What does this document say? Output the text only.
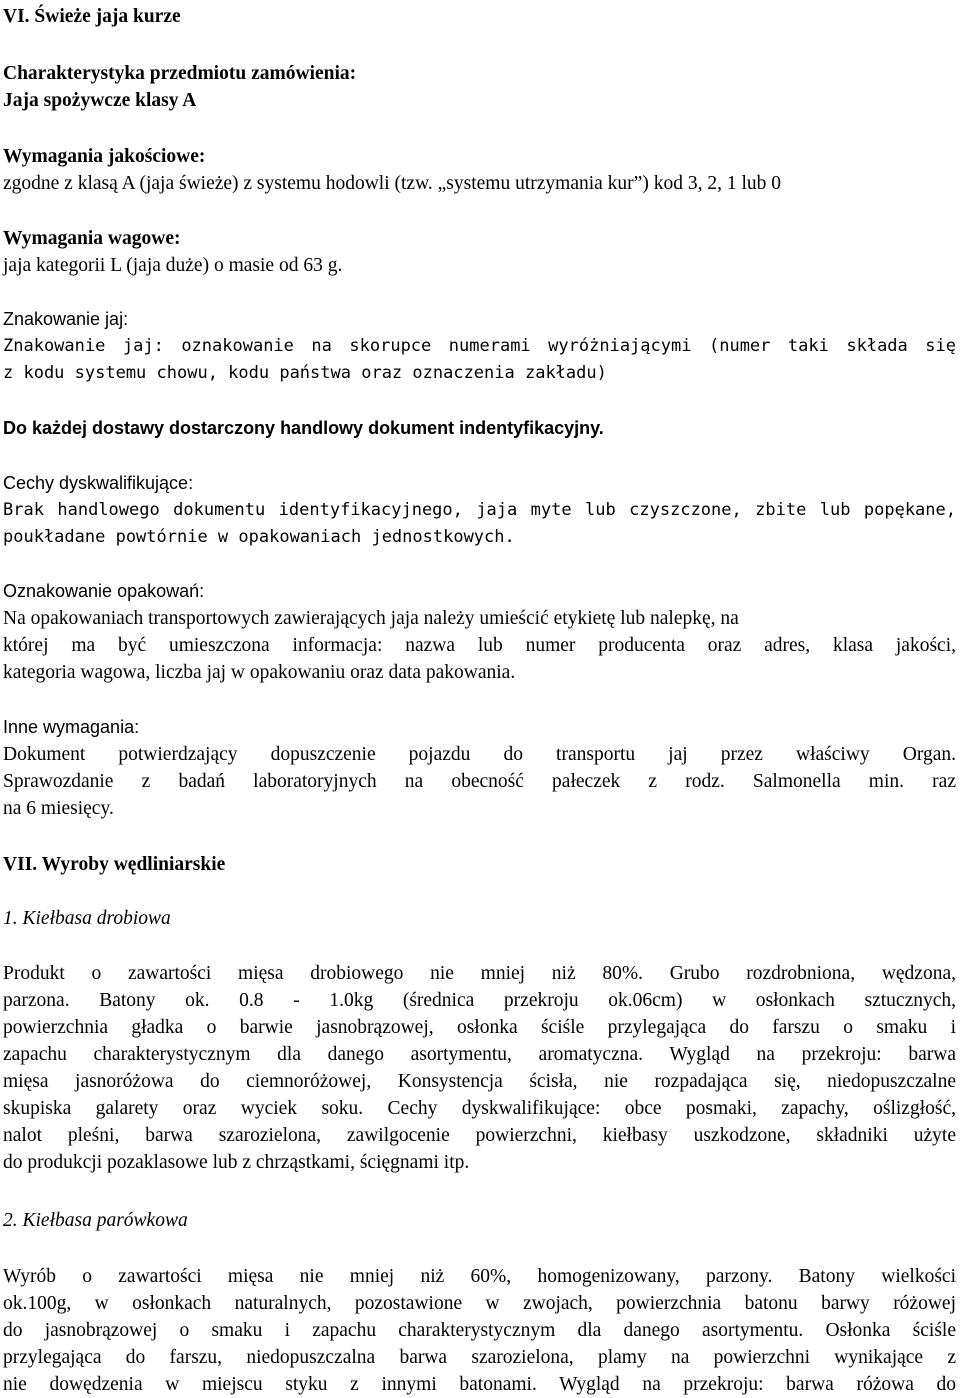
VI. Świeże jaja kurze
Charakterystyka przedmiotu zamówienia:
Jaja spożywcze klasy A
Wymagania jakościowe:
zgodne z klasą A (jaja świeże) z systemu hodowli (tzw. „systemu utrzymania kur”) kod 3, 2, 1 lub 0
Wymagania wagowe:
jaja kategorii L (jaja duże) o masie od 63 g.
Znakowanie jaj:
Znakowanie jaj: oznakowanie na skorupce numerami wyróżniającymi (numer taki składa się
z kodu systemu chowu, kodu państwa oraz oznaczenia zakładu)
Do każdej dostawy dostarczony handlowy dokument indentyfikacyjny.
Cechy dyskwalifikujące:
Brak handlowego dokumentu identyfikacyjnego, jaja myte lub czyszczone, zbite lub popękane,
poukładane powtórnie w opakowaniach jednostkowych.
Oznakowanie opakowań:
Na opakowaniach transportowych zawierających jaja należy umieścić etykietę lub nalepkę, na
której ma być umieszczona informacja: nazwa lub numer producenta oraz adres, klasa jakości,
kategoria wagowa, liczba jaj w opakowaniu oraz data pakowania.
Inne wymagania:
Dokument potwierdzający dopuszczenie pojazdu do transportu jaj przez właściwy Organ.
Sprawozdanie z badań laboratoryjnych na obecność pałeczek z rodz. Salmonella min. raz
na 6 miesięcy.
VII. Wyroby wędliniarskie
1. Kiełbasa drobiowa
Produkt o zawartości mięsa drobiowego nie mniej niż 80%. Grubo rozdrobniona, wędzona,
parzona. Batony ok. 0.8 - 1.0kg (średnica przekroju ok.06cm) w osłonkach sztucznych,
powierzchnia gładka o barwie jasnobrązowej, osłonka ściśle przylegająca do farszu o smaku i
zapachu charakterystycznym dla danego asortymentu, aromatyczna. Wygląd na przekroju: barwa
mięsa jasnoróżowa do ciemnoróżowej, Konsystencja ścisła, nie rozpadająca się, niedopuszczalne
skupiska galarety oraz wyciek soku. Cechy dyskwalifikujące: obce posmaki, zapachy, oślizgłość,
nalot pleśni, barwa szarozielona, zawilgocenie powierzchni, kiełbasy uszkodzone, składniki użyte
do produkcji pozaklasowe lub z chrząstkami, ścięgnami itp.
2. Kiełbasa parówkowa
Wyrób o zawartości mięsa nie mniej niż 60%, homogenizowany, parzony. Batony wielkości
ok.100g, w osłonkach naturalnych, pozostawione w zwojach, powierzchnia batonu barwy różowej
do jasnobrązowej o smaku i zapachu charakterystycznym dla danego asortymentu. Osłonka ściśle
przylegająca do farszu, niedopuszczalna barwa szarozielona, plamy na powierzchni wynikające z
nie dowędzenia w miejscu styku z innymi batonami. Wygląd na przekroju: barwa różowa do
